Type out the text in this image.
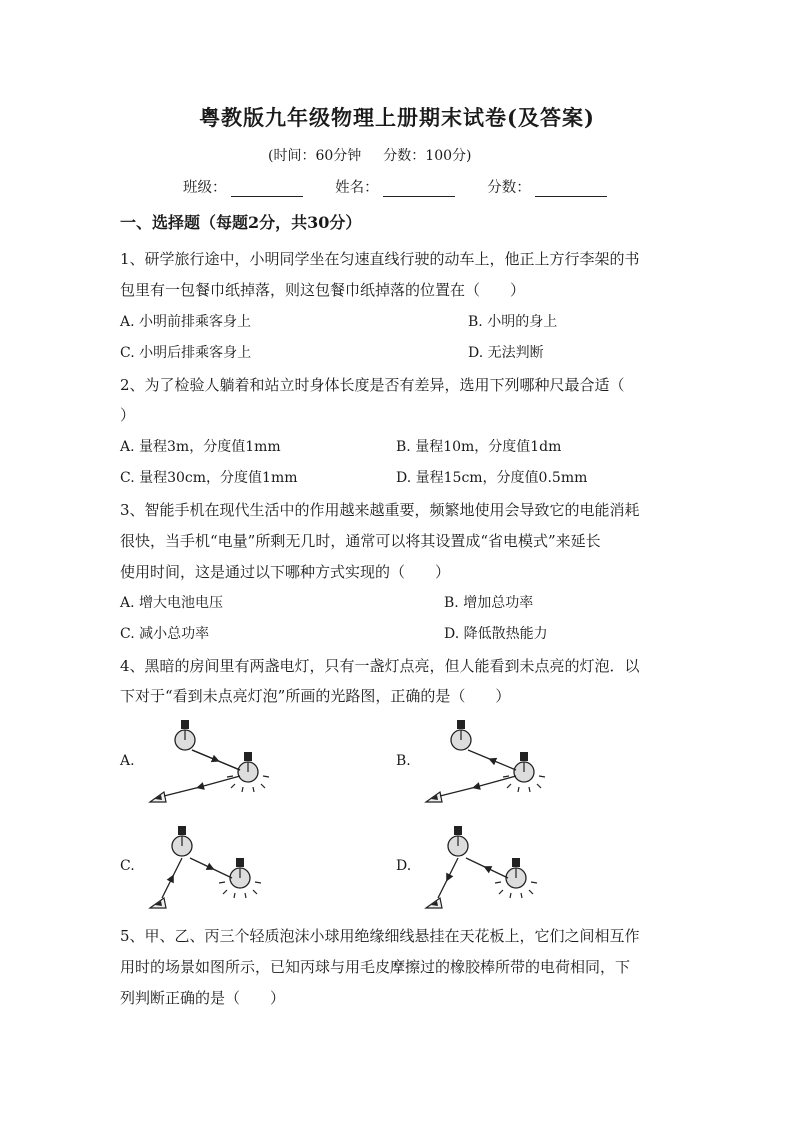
粤教版九年级物理上册期末试卷(及答案)
(时间：60分钟 分数：100分)
班级：	姓名：	分数：
一、选择题（每题2分，共30分）
1、研学旅行途中，小明同学坐在匀速直线行驶的动车上，他正上方行李架的书
包里有一包餐巾纸掉落，则这包餐巾纸掉落的位置在（　　）
A. 小明前排乘客身上	B. 小明的身上
C. 小明后排乘客身上	D. 无法判断
2、为了检验人躺着和站立时身体长度是否有差异，选用下列哪种尺最合适（
）
A. 量程3m，分度值1mm	B. 量程10m，分度值1dm
C. 量程30cm，分度值1mm	D. 量程15cm，分度值0.5mm
3、智能手机在现代生活中的作用越来越重要，频繁地使用会导致它的电能消耗
很快，当手机“电量”所剩无几时，通常可以将其设置成“省电模式”来延长
使用时间，这是通过以下哪种方式实现的（　　）
A. 增大电池电压	B. 增加总功率
C. 减小总功率	D. 降低散热能力
4、黑暗的房间里有两盏电灯，只有一盏灯点亮，但人能看到未点亮的灯泡．以
下对于“看到未点亮灯泡”所画的光路图，正确的是（　　）
A.	B.
C.	D.
5、甲、乙、丙三个轻质泡沫小球用绝缘细线悬挂在天花板上，它们之间相互作
用时的场景如图所示，已知丙球与用毛皮摩擦过的橡胶棒所带的电荷相同，下
列判断正确的是（　　）
